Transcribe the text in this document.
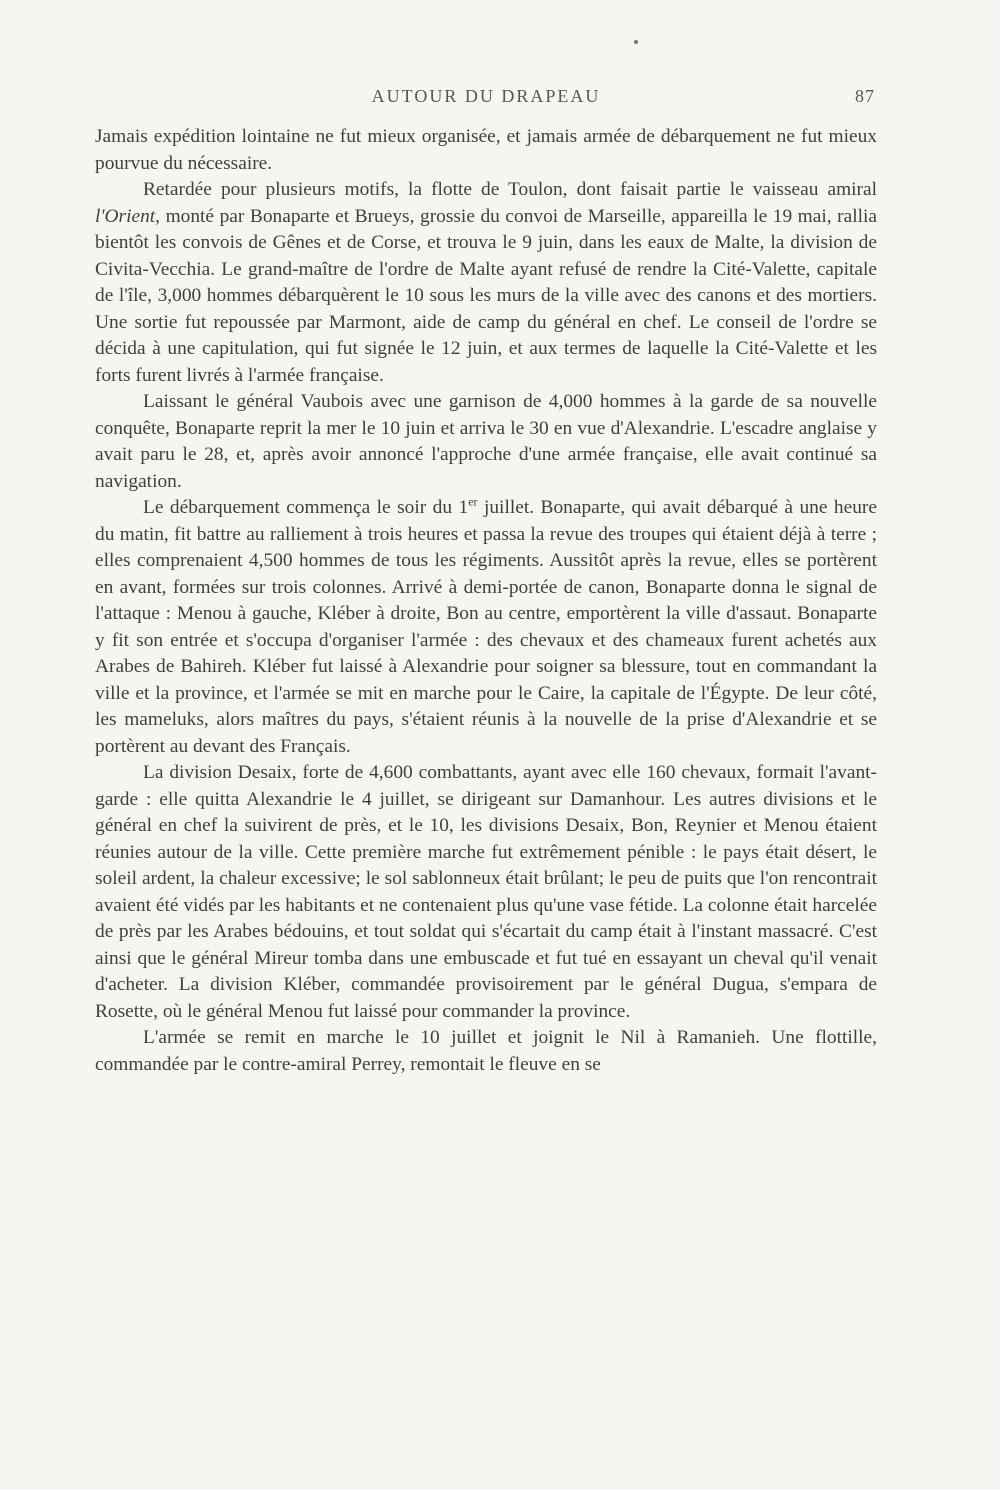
AUTOUR DU DRAPEAU	87

Jamais expédition lointaine ne fut mieux organisée, et jamais armée de débarquement ne fut mieux pourvue du nécessaire.

Retardée pour plusieurs motifs, la flotte de Toulon, dont faisait partie le vaisseau amiral l'Orient, monté par Bonaparte et Brueys, grossie du convoi de Marseille, appareilla le 19 mai, rallia bientôt les convois de Gênes et de Corse, et trouva le 9 juin, dans les eaux de Malte, la division de Civita-Vecchia. Le grand-maître de l'ordre de Malte ayant refusé de rendre la Cité-Valette, capitale de l'île, 3,000 hommes débarquèrent le 10 sous les murs de la ville avec des canons et des mortiers. Une sortie fut repoussée par Marmont, aide de camp du général en chef. Le conseil de l'ordre se décida à une capitulation, qui fut signée le 12 juin, et aux termes de laquelle la Cité-Valette et les forts furent livrés à l'armée française.

Laissant le général Vaubois avec une garnison de 4,000 hommes à la garde de sa nouvelle conquête, Bonaparte reprit la mer le 10 juin et arriva le 30 en vue d'Alexandrie. L'escadre anglaise y avait paru le 28, et, après avoir annoncé l'approche d'une armée française, elle avait continué sa navigation.

Le débarquement commença le soir du 1er juillet. Bonaparte, qui avait débarqué à une heure du matin, fit battre au ralliement à trois heures et passa la revue des troupes qui étaient déjà à terre ; elles comprenaient 4,500 hommes de tous les régiments. Aussitôt après la revue, elles se portèrent en avant, formées sur trois colonnes. Arrivé à demi-portée de canon, Bonaparte donna le signal de l'attaque : Menou à gauche, Kléber à droite, Bon au centre, emportèrent la ville d'assaut. Bonaparte y fit son entrée et s'occupa d'organiser l'armée : des chevaux et des chameaux furent achetés aux Arabes de Bahireh. Kléber fut laissé à Alexandrie pour soigner sa blessure, tout en commandant la ville et la province, et l'armée se mit en marche pour le Caire, la capitale de l'Égypte. De leur côté, les mameluks, alors maîtres du pays, s'étaient réunis à la nouvelle de la prise d'Alexandrie et se portèrent au devant des Français.

La division Desaix, forte de 4,600 combattants, ayant avec elle 160 chevaux, formait l'avant-garde : elle quitta Alexandrie le 4 juillet, se dirigeant sur Damanhour. Les autres divisions et le général en chef la suivirent de près, et le 10, les divisions Desaix, Bon, Reynier et Menou étaient réunies autour de la ville. Cette première marche fut extrêmement pénible : le pays était désert, le soleil ardent, la chaleur excessive; le sol sablonneux était brûlant; le peu de puits que l'on rencontrait avaient été vidés par les habitants et ne contenaient plus qu'une vase fétide. La colonne était harcelée de près par les Arabes bédouins, et tout soldat qui s'écartait du camp était à l'instant massacré. C'est ainsi que le général Mireur tomba dans une embuscade et fut tué en essayant un cheval qu'il venait d'acheter. La division Kléber, commandée provisoirement par le général Dugua, s'empara de Rosette, où le général Menou fut laissé pour commander la province.

L'armée se remit en marche le 10 juillet et joignit le Nil à Ramanieh. Une flottille, commandée par le contre-amiral Perrey, remontait le fleuve en se
